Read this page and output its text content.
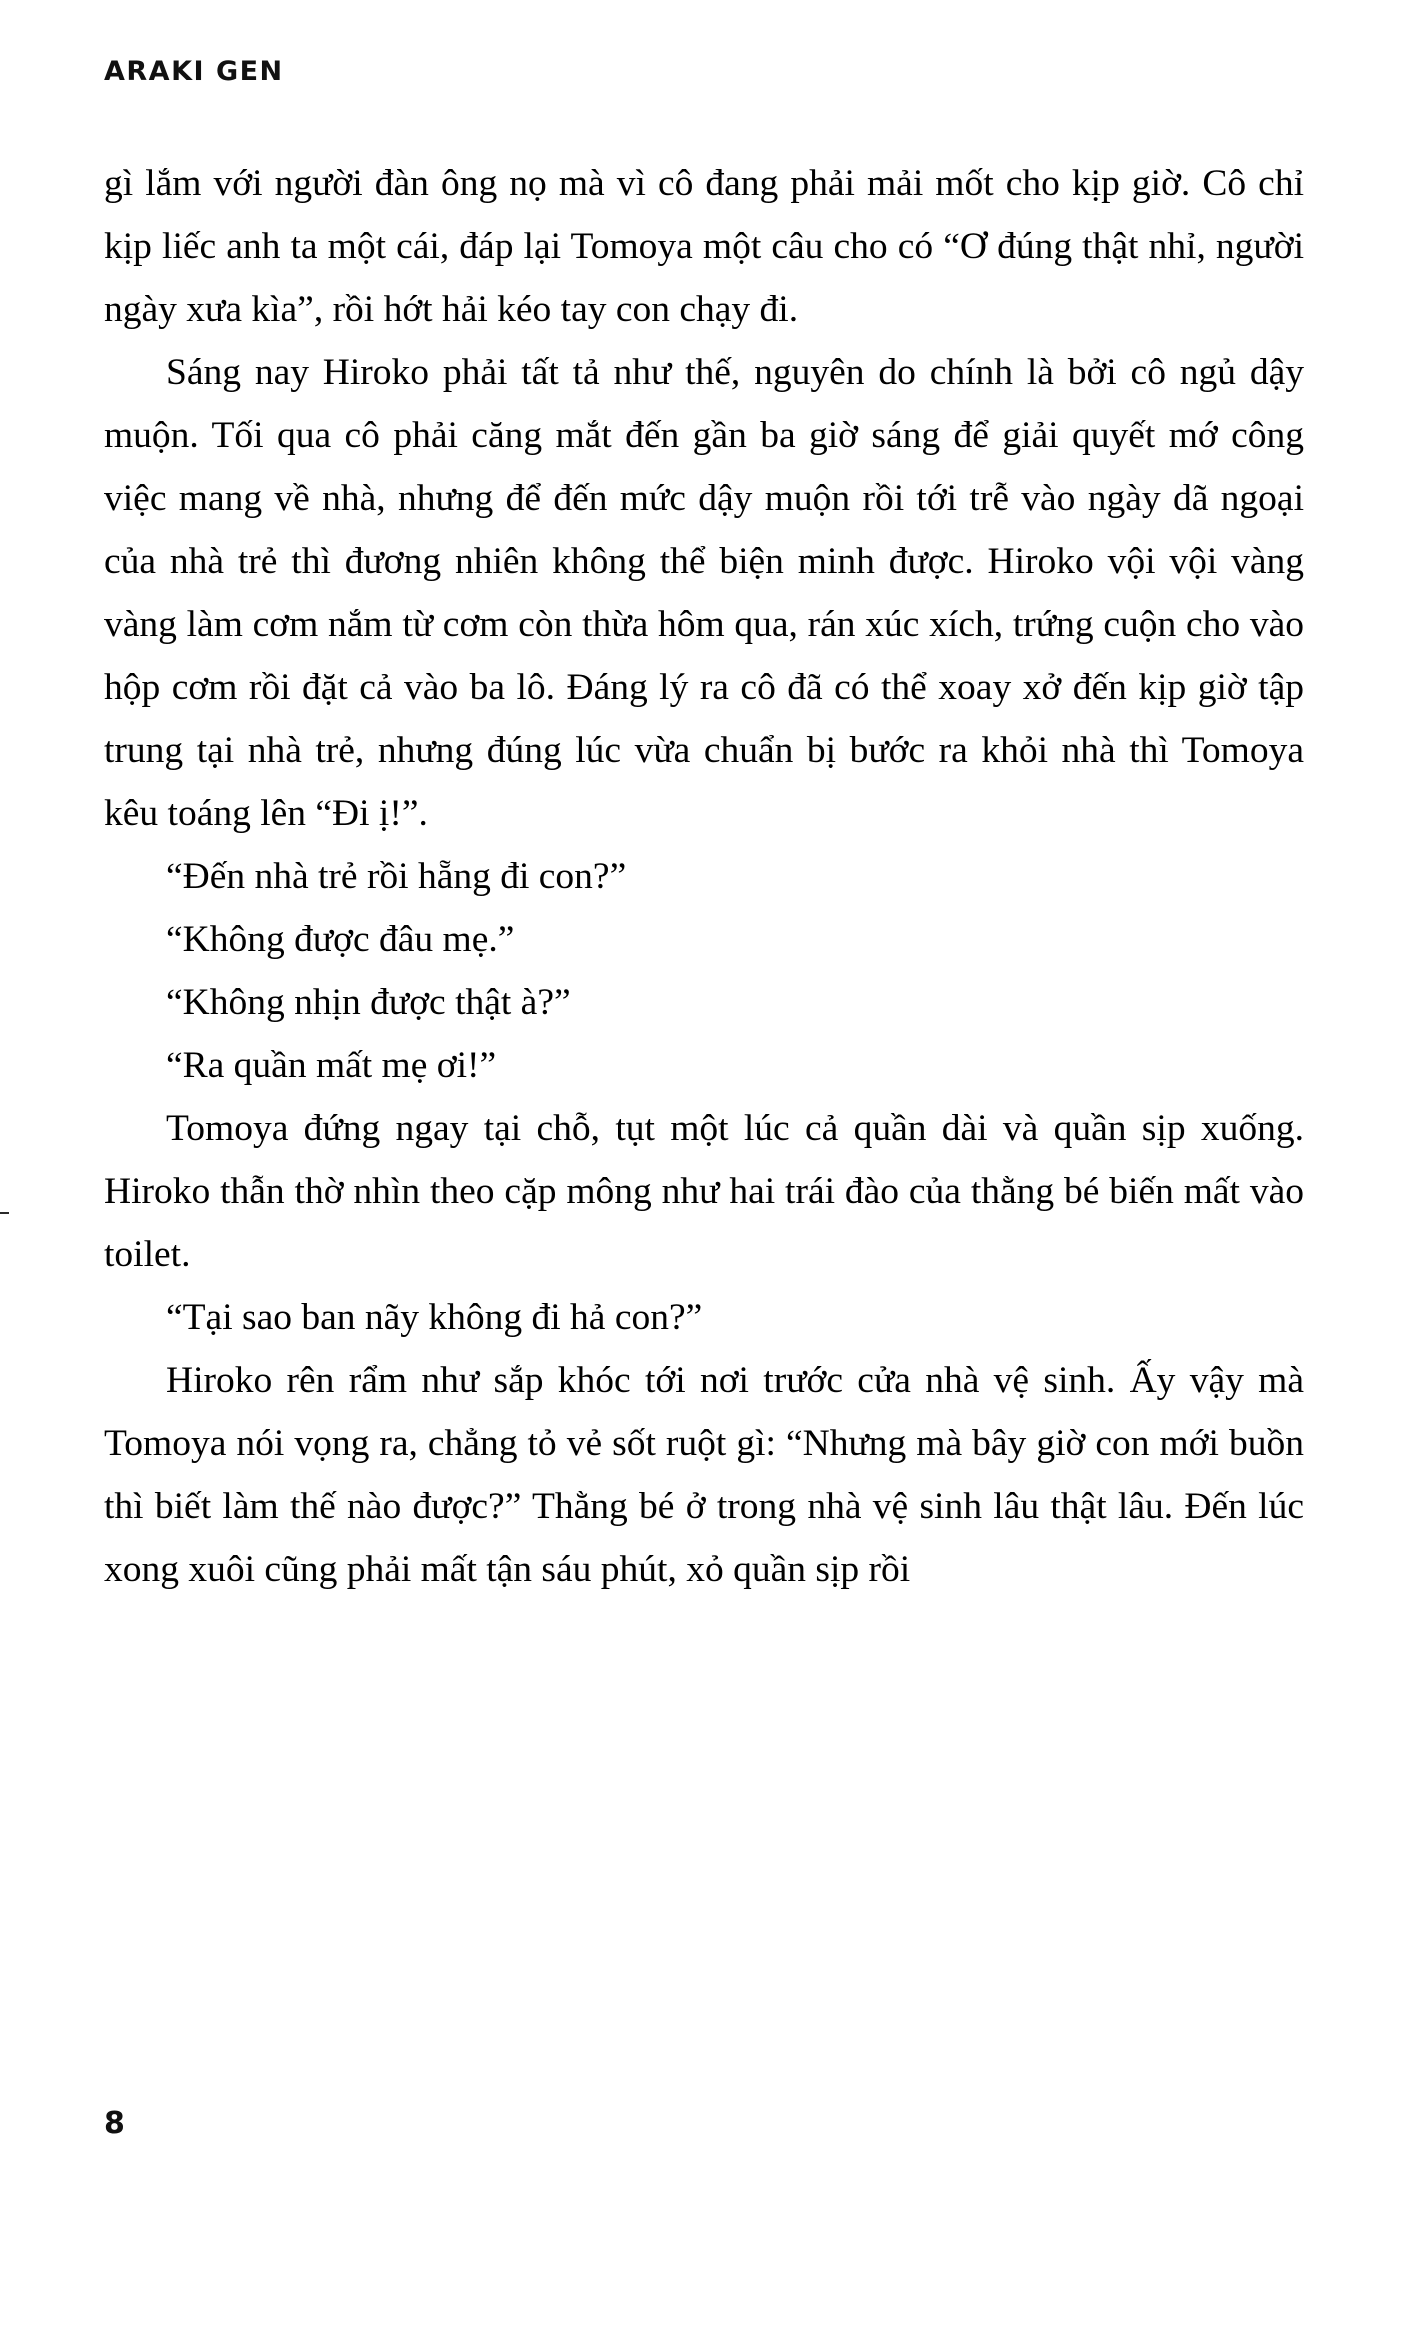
ARAKI GEN

gì lắm với người đàn ông nọ mà vì cô đang phải mải mốt cho kịp giờ. Cô chỉ kịp liếc anh ta một cái, đáp lại Tomoya một câu cho có “Ơ đúng thật nhỉ, người ngày xưa kìa”, rồi hớt hải kéo tay con chạy đi.

Sáng nay Hiroko phải tất tả như thế, nguyên do chính là bởi cô ngủ dậy muộn. Tối qua cô phải căng mắt đến gần ba giờ sáng để giải quyết mớ công việc mang về nhà, nhưng để đến mức dậy muộn rồi tới trễ vào ngày dã ngoại của nhà trẻ thì đương nhiên không thể biện minh được. Hiroko vội vội vàng vàng làm cơm nắm từ cơm còn thừa hôm qua, rán xúc xích, trứng cuộn cho vào hộp cơm rồi đặt cả vào ba lô. Đáng lý ra cô đã có thể xoay xở đến kịp giờ tập trung tại nhà trẻ, nhưng đúng lúc vừa chuẩn bị bước ra khỏi nhà thì Tomoya kêu toáng lên “Đi ị!”.

“Đến nhà trẻ rồi hẵng đi con?”

“Không được đâu mẹ.”

“Không nhịn được thật à?”

“Ra quần mất mẹ ơi!”

Tomoya đứng ngay tại chỗ, tụt một lúc cả quần dài và quần sịp xuống. Hiroko thẫn thờ nhìn theo cặp mông như hai trái đào của thằng bé biến mất vào toilet.

“Tại sao ban nãy không đi hả con?”

Hiroko rên rẩm như sắp khóc tới nơi trước cửa nhà vệ sinh. Ấy vậy mà Tomoya nói vọng ra, chẳng tỏ vẻ sốt ruột gì: “Nhưng mà bây giờ con mới buồn thì biết làm thế nào được?” Thằng bé ở trong nhà vệ sinh lâu thật lâu. Đến lúc xong xuôi cũng phải mất tận sáu phút, xỏ quần sịp rồi

8
